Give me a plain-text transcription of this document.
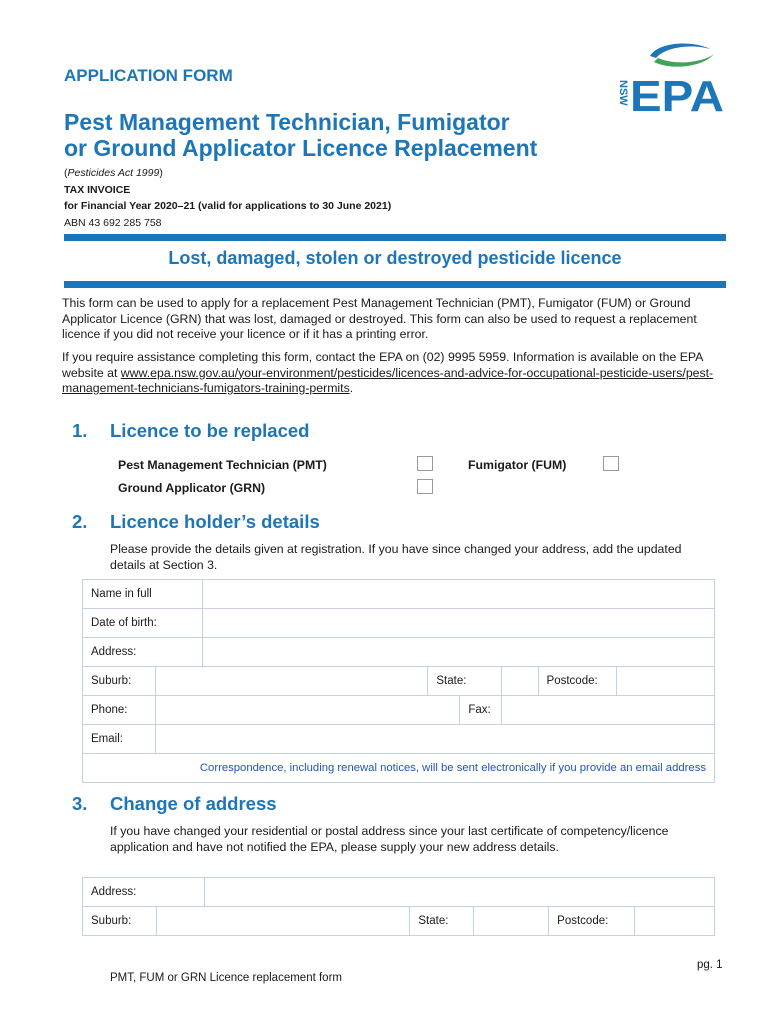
APPLICATION FORM
Pest Management Technician, Fumigator
or Ground Applicator Licence Replacement
NSW EPA
(Pesticides Act 1999)
TAX INVOICE
for Financial Year 2020–21 (valid for applications to 30 June 2021)
ABN 43 692 285 758
Lost, damaged, stolen or destroyed pesticide licence
This form can be used to apply for a replacement Pest Management Technician (PMT), Fumigator (FUM) or Ground Applicator Licence (GRN) that was lost, damaged or destroyed. This form can also be used to request a replacement licence if you did not receive your licence or if it has a printing error.
If you require assistance completing this form, contact the EPA on (02) 9995 5959. Information is available on the EPA website at www.epa.nsw.gov.au/your-environment/pesticides/licences-and-advice-for-occupational-pesticide-users/pest-management-technicians-fumigators-training-permits.
1. Licence to be replaced
Pest Management Technician (PMT)	Fumigator (FUM)
Ground Applicator (GRN)
2. Licence holder’s details
Please provide the details given at registration. If you have since changed your address, add the updated details at Section 3.
Name in full							
Date of birth:							
Address:							
Suburb:			State:			Postcode:	
Phone:				Fax:			
Email:							
Correspondence, including renewal notices, will be sent electronically if you provide an email address							
3. Change of address
If you have changed your residential or postal address since your last certificate of competency/licence application and have not notified the EPA, please supply your new address details.
Address:						
Suburb:			State:		Postcode:	
pg. 1
PMT, FUM or GRN Licence replacement form
